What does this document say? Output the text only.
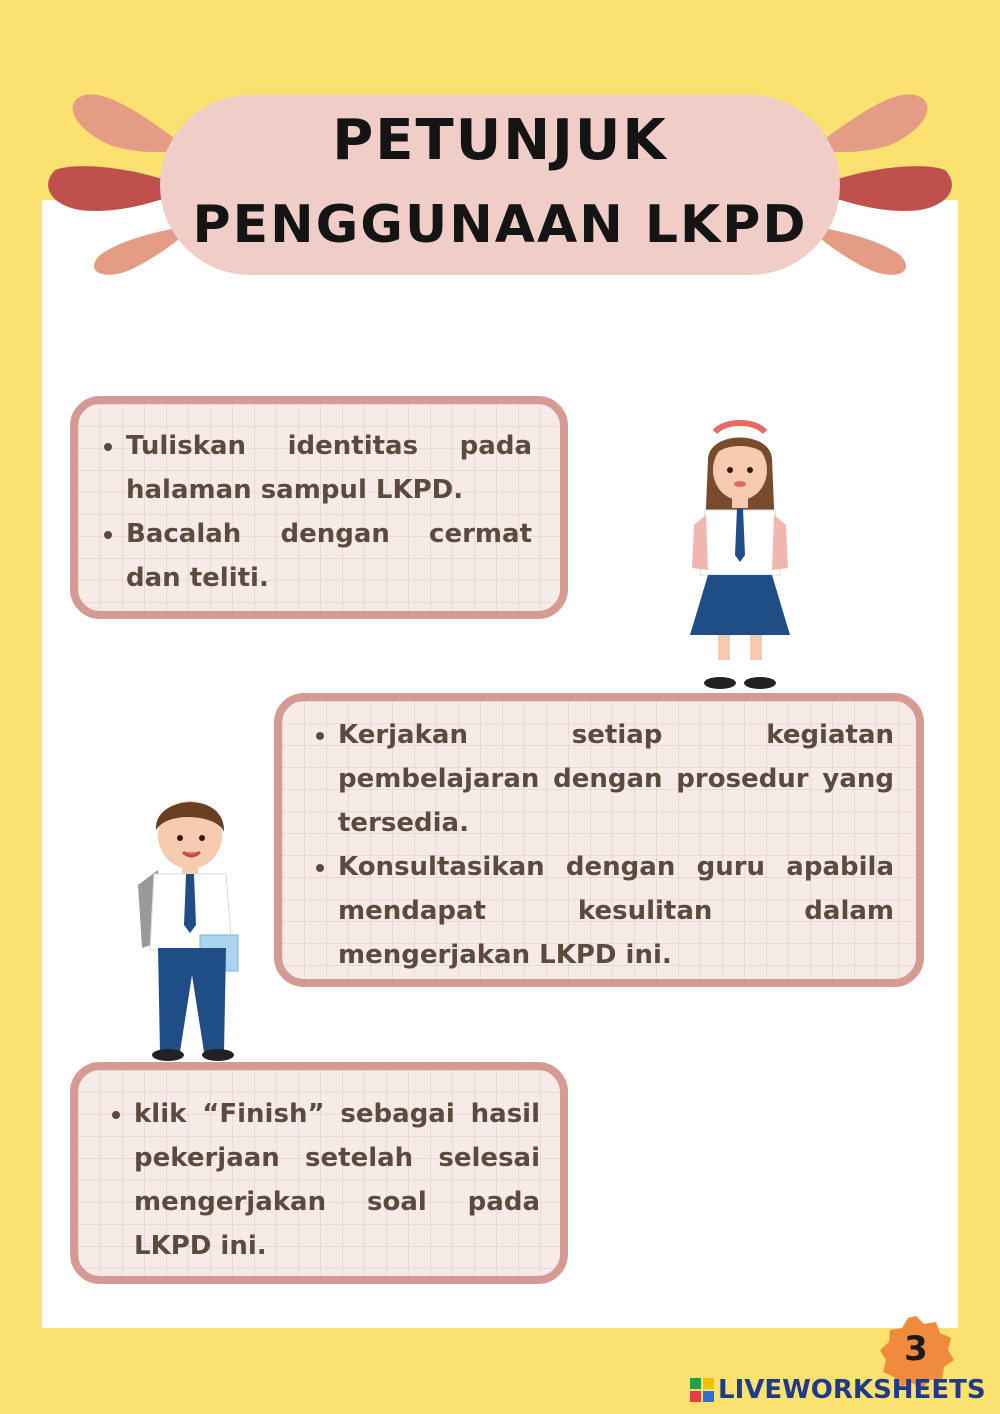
PETUNJUK
PENGGUNAAN LKPD
• Tuliskan identitas pada halaman sampul LKPD.
• Bacalah dengan cermat dan teliti.
• Kerjakan setiap kegiatan pembelajaran dengan prosedur yang tersedia.
• Konsultasikan dengan guru apabila mendapat kesulitan dalam mengerjakan LKPD ini.
• klik “Finish” sebagai hasil pekerjaan setelah selesai mengerjakan soal pada LKPD ini.
3
LIVEWORKSHEETS
